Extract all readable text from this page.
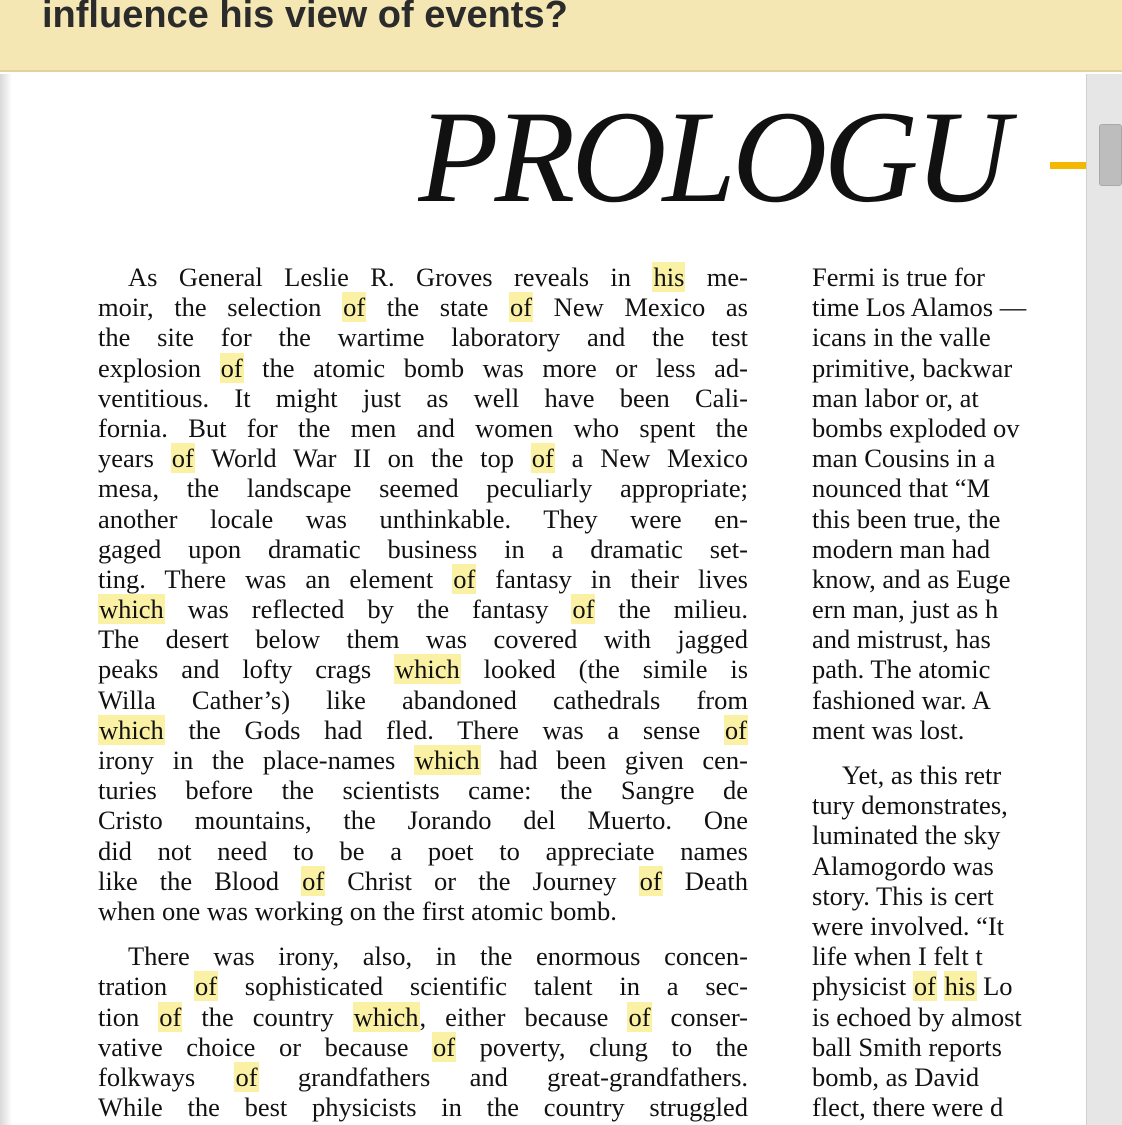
influence his view of events?
PROLOGU
As General Leslie R. Groves reveals in his me-
moir, the selection of the state of New Mexico as
the site for the wartime laboratory and the test
explosion of the atomic bomb was more or less ad-
ventitious. It might just as well have been Cali-
fornia. But for the men and women who spent the
years of World War II on the top of a New Mexico
mesa, the landscape seemed peculiarly appropriate;
another locale was unthinkable. They were en-
gaged upon dramatic business in a dramatic set-
ting. There was an element of fantasy in their lives
which was reflected by the fantasy of the milieu.
The desert below them was covered with jagged
peaks and lofty crags which looked (the simile is
Willa Cather’s) like abandoned cathedrals from
which the Gods had fled. There was a sense of
irony in the place-names which had been given cen-
turies before the scientists came: the Sangre de
Cristo mountains, the Jorando del Muerto. One
did not need to be a poet to appreciate names
like the Blood of Christ or the Journey of Death
when one was working on the first atomic bomb.
There was irony, also, in the enormous concen-
tration of sophisticated scientific talent in a sec-
tion of the country which, either because of conser-
vative choice or because of poverty, clung to the
folkways of grandfathers and great-grandfathers.
While the best physicists in the country struggled
Fermi is true for
time Los Alamos —
icans in the valle
primitive, backwar
man labor or, at
bombs exploded ov
man Cousins in a
nounced that “M
this been true, the
modern man had
know, and as Euge
ern man, just as h
and mistrust, has
path. The atomic
fashioned war. A
ment was lost.
Yet, as this retr
tury demonstrates,
luminated the sky
Alamogordo was
story. This is cert
were involved. “It
life when I felt t
physicist of his Lo
is echoed by almost
ball Smith reports
bomb, as David
flect, there were d
